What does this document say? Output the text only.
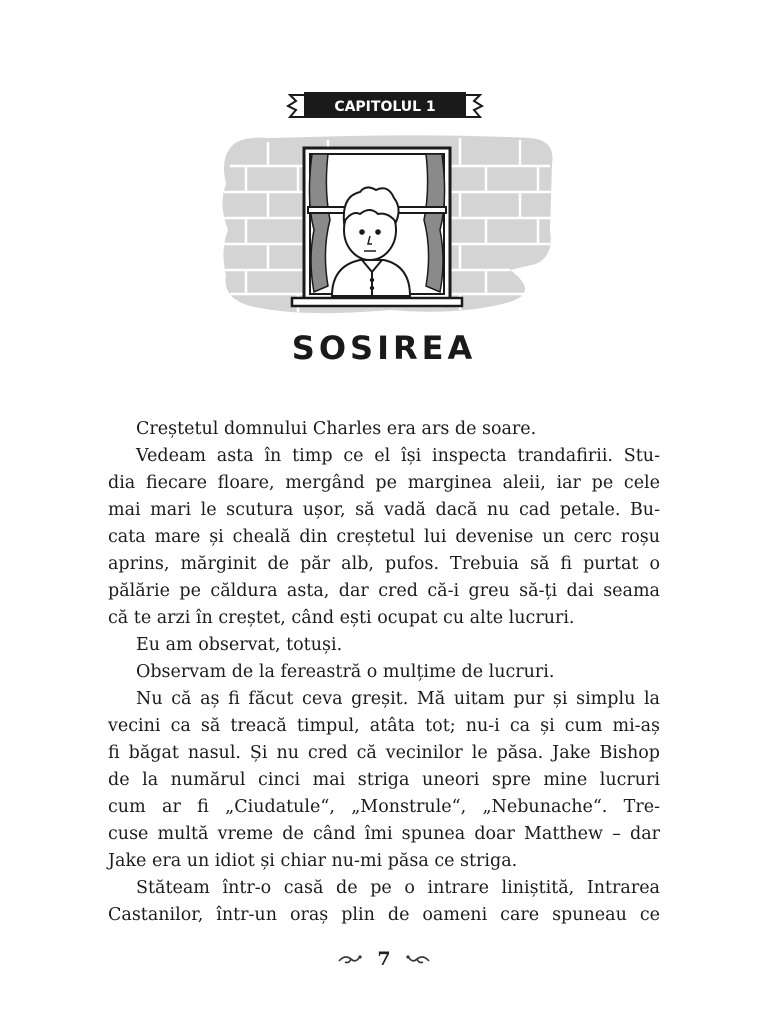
CAPITOLUL 1
SOSIREA
Creștetul domnului Charles era ars de soare.
Vedeam asta în timp ce el își inspecta trandafirii. Stu-
dia fiecare floare, mergând pe marginea aleii, iar pe cele
mai mari le scutura ușor, să vadă dacă nu cad petale. Bu-
cata mare și cheală din creștetul lui devenise un cerc roșu
aprins, mărginit de păr alb, pufos. Trebuia să fi purtat o
pălărie pe căldura asta, dar cred că-i greu să-ți dai seama
că te arzi în creștet, când ești ocupat cu alte lucruri.
Eu am observat, totuși.
Observam de la fereastră o mulțime de lucruri.
Nu că aș fi făcut ceva greșit. Mă uitam pur și simplu la
vecini ca să treacă timpul, atâta tot; nu-i ca și cum mi-aș
fi băgat nasul. Și nu cred că vecinilor le păsa. Jake Bishop
de la numărul cinci mai striga uneori spre mine lucruri
cum ar fi „Ciudatule“, „Monstrule“, „Nebunache“. Tre-
cuse multă vreme de când îmi spunea doar Matthew – dar
Jake era un idiot și chiar nu-mi păsa ce striga.
Stăteam într-o casă de pe o intrare liniștită, Intrarea
Castanilor, într-un oraș plin de oameni care spuneau ce
7
